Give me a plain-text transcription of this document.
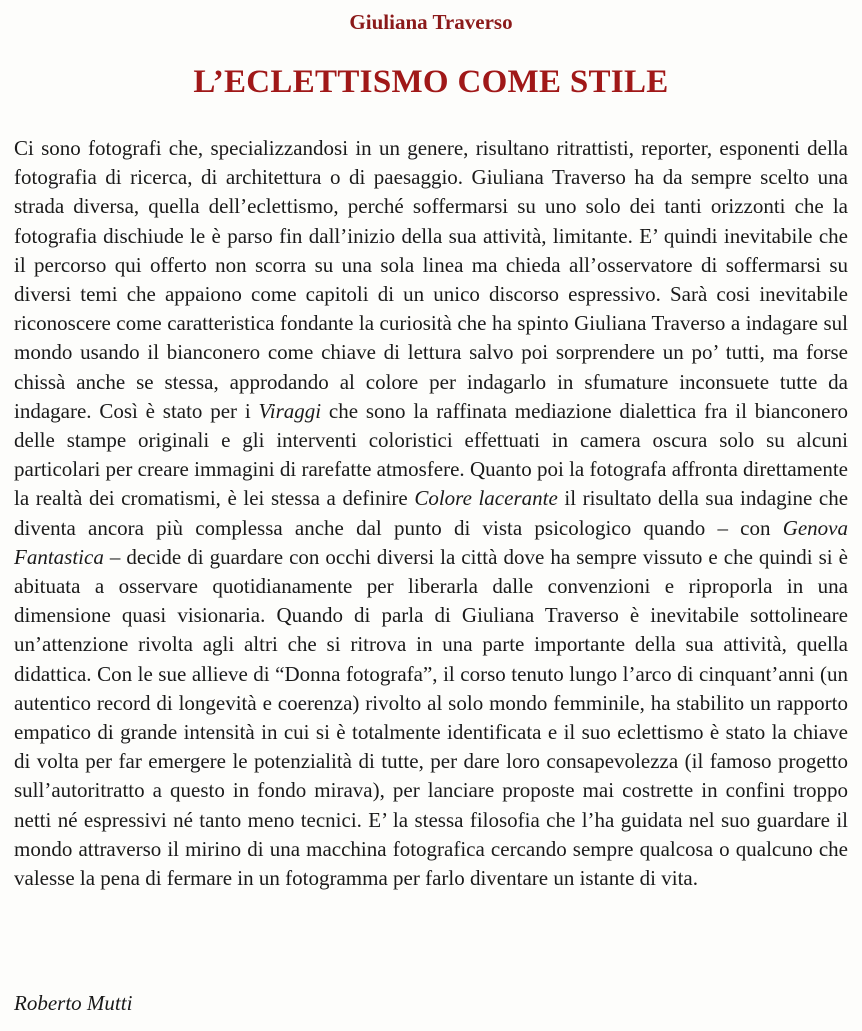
Giuliana Traverso
L’ECLETTISMO COME STILE
Ci sono fotografi che, specializzandosi in un genere, risultano ritrattisti, reporter, esponenti della fotografia di ricerca, di architettura o di paesaggio. Giuliana Traverso ha da sempre scelto una strada diversa, quella dell’eclettismo, perché soffermarsi su uno solo dei tanti orizzonti che la fotografia dischiude le è parso fin dall’inizio della sua attività, limitante. E’ quindi inevitabile che il percorso qui offerto non scorra su una sola linea ma chieda all’osservatore di soffermarsi su diversi temi che appaiono come capitoli di un unico discorso espressivo. Sarà cosi inevitabile riconoscere come caratteristica fondante la curiosità che ha spinto Giuliana Traverso a indagare sul mondo usando il bianconero come chiave di lettura salvo poi sorprendere un po’ tutti, ma forse chissà anche se stessa, approdando al colore per indagarlo in sfumature inconsuete tutte da indagare. Così è stato per i Viraggi che sono la raffinata mediazione dialettica fra il bianconero delle stampe originali e gli interventi coloristici effettuati in camera oscura solo su alcuni particolari per creare immagini di rarefatte atmosfere. Quanto poi la fotografa affronta direttamente la realtà dei cromatismi, è lei stessa a definire Colore lacerante il risultato della sua indagine che diventa ancora più complessa anche dal punto di vista psicologico quando – con Genova Fantastica – decide di guardare con occhi diversi la città dove ha sempre vissuto e che quindi si è abituata a osservare quotidianamente per liberarla dalle convenzioni e riproporla in una dimensione quasi visionaria. Quando di parla di Giuliana Traverso è inevitabile sottolineare un’attenzione rivolta agli altri che si ritrova in una parte importante della sua attività, quella didattica. Con le sue allieve di “Donna fotografa”, il corso tenuto lungo l’arco di cinquant’anni (un autentico record di longevità e coerenza) rivolto al solo mondo femminile, ha stabilito un rapporto empatico di grande intensità in cui si è totalmente identificata e il suo eclettismo è stato la chiave di volta per far emergere le potenzialità di tutte, per dare loro consapevolezza (il famoso progetto sull’autoritratto a questo in fondo mirava), per lanciare proposte mai costrette in confini troppo netti né espressivi né tanto meno tecnici. E’ la stessa filosofia che l’ha guidata nel suo guardare il mondo attraverso il mirino di una macchina fotografica cercando sempre qualcosa o qualcuno che valesse la pena di fermare in un fotogramma per farlo diventare un istante di vita.
Roberto Mutti
